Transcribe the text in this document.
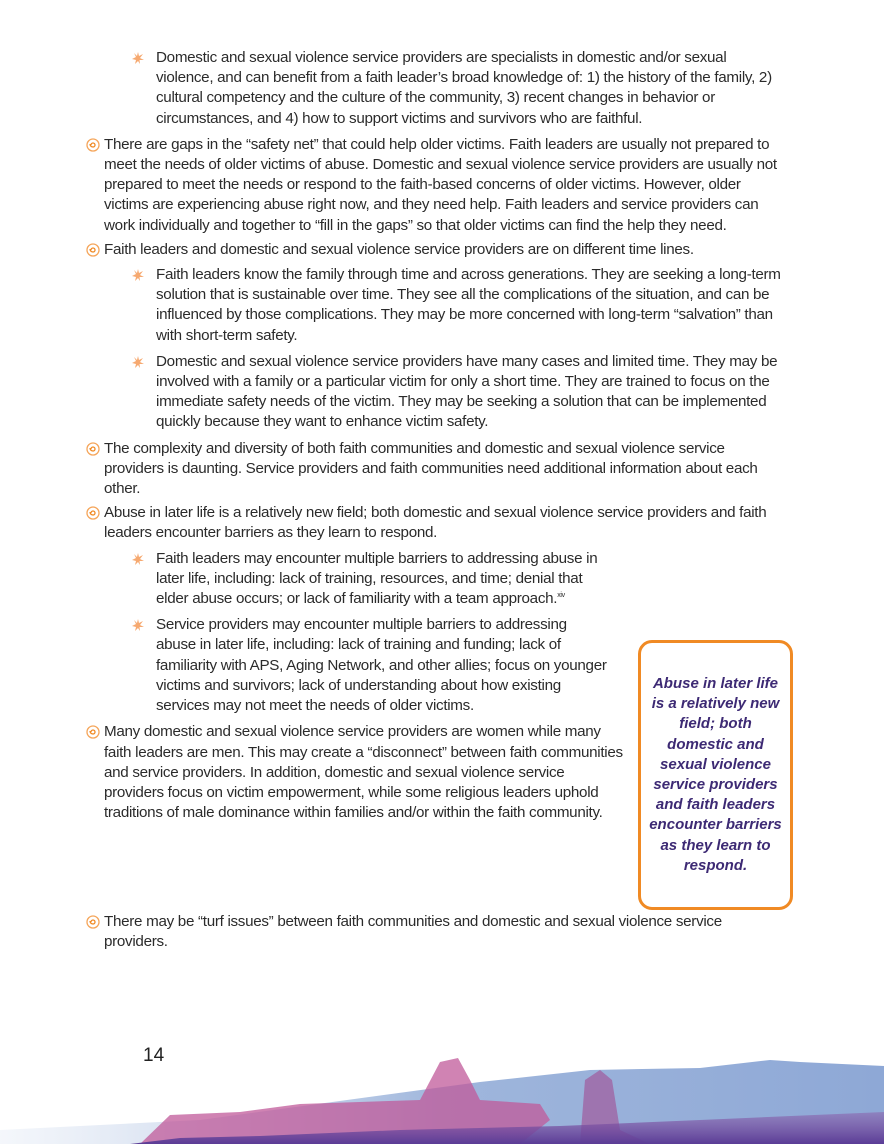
Domestic and sexual violence service providers are specialists in domestic and/or sexual violence, and can benefit from a faith leader’s broad knowledge of: 1) the history of the family, 2) cultural competency and the culture of the community, 3) recent changes in behavior or circumstances, and 4) how to support victims and survivors who are faithful.
There are gaps in the “safety net” that could help older victims. Faith leaders are usually not prepared to meet the needs of older victims of abuse. Domestic and sexual violence service providers are usually not prepared to meet the needs or respond to the faith-based concerns of older victims. However, older victims are experiencing abuse right now, and they need help. Faith leaders and service providers can work individually and together to “fill in the gaps” so that older victims can find the help they need.
Faith leaders and domestic and sexual violence service providers are on different time lines.
Faith leaders know the family through time and across generations. They are seeking a long-term solution that is sustainable over time. They see all the complications of the situation, and can be influenced by those complications. They may be more concerned with long-term “salvation” than with short-term safety.
Domestic and sexual violence service providers have many cases and limited time. They may be involved with a family or a particular victim for only a short time. They are trained to focus on the immediate safety needs of the victim. They may be seeking a solution that can be implemented quickly because they want to enhance victim safety.
The complexity and diversity of both faith communities and domestic and sexual violence service providers is daunting. Service providers and faith communities need additional information about each other.
Abuse in later life is a relatively new field; both domestic and sexual violence service providers and faith leaders encounter barriers as they learn to respond.
Faith leaders may encounter multiple barriers to addressing abuse in later life, including: lack of training, resources, and time; denial that elder abuse occurs; or lack of familiarity with a team approach.$^{xiv}$
Service providers may encounter multiple barriers to addressing abuse in later life, including: lack of training and funding; lack of familiarity with APS, Aging Network, and other allies; focus on younger victims and survivors; lack of understanding about how existing services may not meet the needs of older victims.
Many domestic and sexual violence service providers are women while many faith leaders are men. This may create a “disconnect” between faith communities and service providers. In addition, domestic and sexual violence service providers focus on victim empowerment, while some religious leaders uphold traditions of male dominance within families and/or within the faith community.
There may be “turf issues” between faith communities and domestic and sexual violence service providers.
Abuse in later life is a relatively new field; both domestic and sexual violence service providers and faith leaders encounter barriers as they learn to respond.
14
